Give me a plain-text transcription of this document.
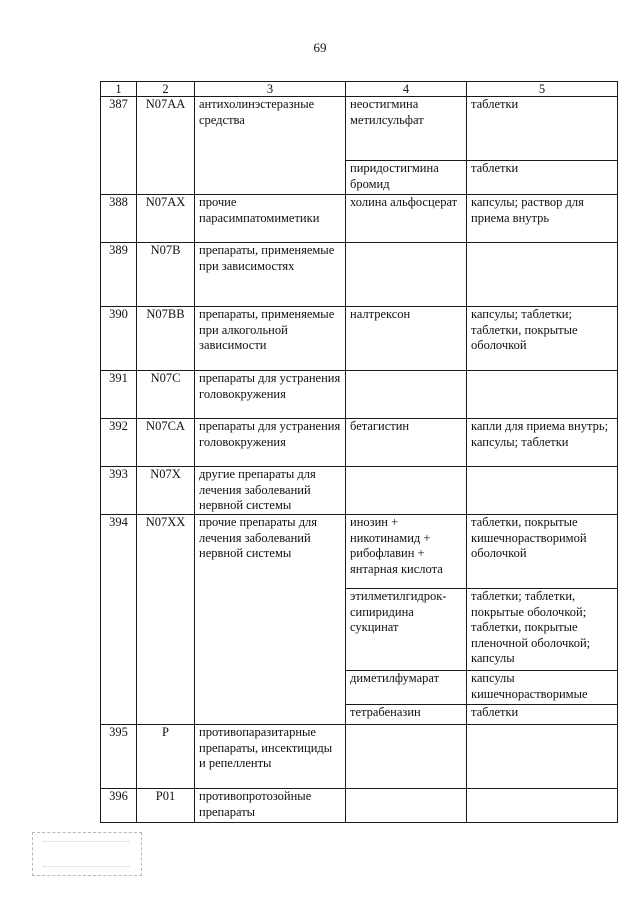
69
1	2	3	4	5
387	N07AA	антихолинэстеразные средства	неостигмина метилсульфат	таблетки
			пиридостигмина бромид	таблетки
388	N07AX	прочие парасимпатомиметики	холина альфосцерат	капсулы; раствор для приема внутрь
389	N07B	препараты, применяемые при зависимостях		
390	N07BB	препараты, применяемые при алкогольной зависимости	налтрексон	капсулы; таблетки; таблетки, покрытые оболочкой
391	N07C	препараты для устранения головокружения		
392	N07CA	препараты для устранения головокружения	бетагистин	капли для приема внутрь; капсулы; таблетки
393	N07X	другие препараты для лечения заболеваний нервной системы		
394	N07XX	прочие препараты для лечения заболеваний нервной системы	инозин + никотинамид + рибофлавин + янтарная кислота	таблетки, покрытые кишечнорастворимой оболочкой
			этилметилгидрок-сипиридина сукцинат	таблетки; таблетки, покрытые оболочкой; таблетки, покрытые пленочной оболочкой; капсулы
			диметилфумарат	капсулы кишечнорастворимые
			тетрабеназин	таблетки
395	P	противопаразитарные препараты, инсектициды и репелленты		
396	P01	противопротозойные препараты		
